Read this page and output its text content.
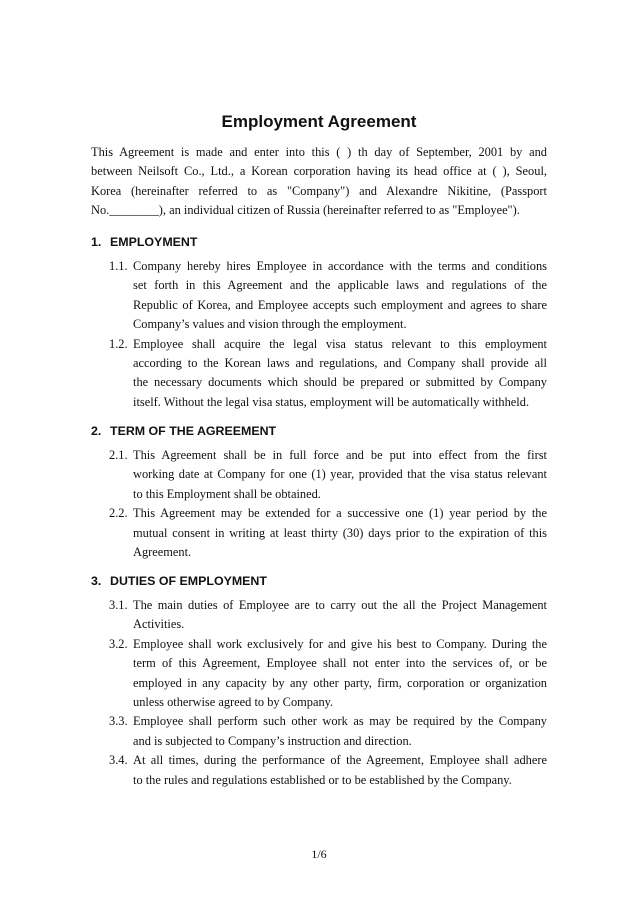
Employment Agreement
This Agreement is made and enter into this ( ) th day of September, 2001 by and
between Neilsoft Co., Ltd., a Korean corporation having its head office at ( ), Seoul,
Korea (hereinafter referred to as "Company") and Alexandre Nikitine, (Passport
No.________), an individual citizen of Russia (hereinafter referred to as "Employee").
1. EMPLOYMENT
1.1. Company hereby hires Employee in accordance with the terms and conditions
set forth in this Agreement and the applicable laws and regulations of the
Republic of Korea, and Employee accepts such employment and agrees to share
Company’s values and vision through the employment.
1.2. Employee shall acquire the legal visa status relevant to this employment
according to the Korean laws and regulations, and Company shall provide all
the necessary documents which should be prepared or submitted by Company
itself. Without the legal visa status, employment will be automatically withheld.
2. TERM OF THE AGREEMENT
2.1. This Agreement shall be in full force and be put into effect from the first
working date at Company for one (1) year, provided that the visa status relevant
to this Employment shall be obtained.
2.2. This Agreement may be extended for a successive one (1) year period by the
mutual consent in writing at least thirty (30) days prior to the expiration of this
Agreement.
3. DUTIES OF EMPLOYMENT
3.1. The main duties of Employee are to carry out the all the Project Management
Activities.
3.2. Employee shall work exclusively for and give his best to Company. During the
term of this Agreement, Employee shall not enter into the services of, or be
employed in any capacity by any other party, firm, corporation or organization
unless otherwise agreed to by Company.
3.3. Employee shall perform such other work as may be required by the Company
and is subjected to Company’s instruction and direction.
3.4. At all times, during the performance of the Agreement, Employee shall adhere
to the rules and regulations established or to be established by the Company.
1/6
